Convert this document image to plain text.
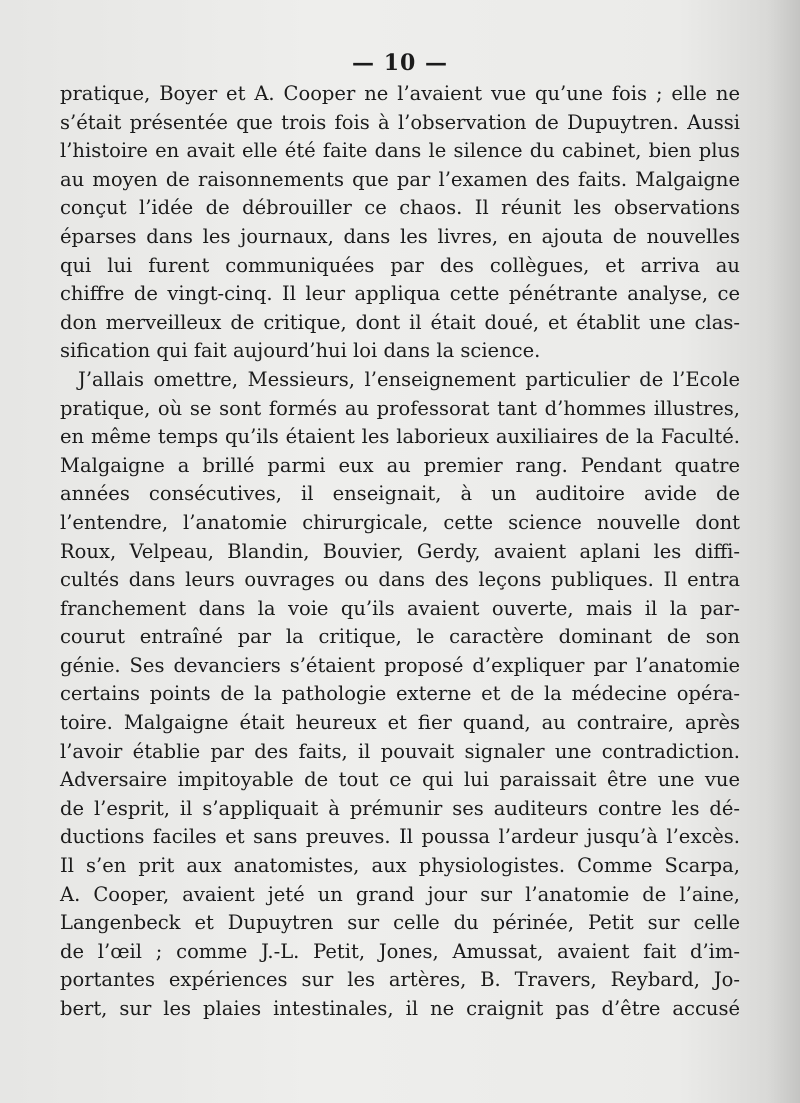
— 10 —
pratique, Boyer et A. Cooper ne l’avaient vue qu’une fois ; elle ne
s’était présentée que trois fois à l’observation de Dupuytren. Aussi
l’histoire en avait elle été faite dans le silence du cabinet, bien plus
au moyen de raisonnements que par l’examen des faits. Malgaigne
conçut l’idée de débrouiller ce chaos. Il réunit les observations
éparses dans les journaux, dans les livres, en ajouta de nouvelles
qui lui furent communiquées par des collègues, et arriva au
chiffre de vingt-cinq. Il leur appliqua cette pénétrante analyse, ce
don merveilleux de critique, dont il était doué, et établit une clas-
sification qui fait aujourd’hui loi dans la science.
J’allais omettre, Messieurs, l’enseignement particulier de l’Ecole
pratique, où se sont formés au professorat tant d’hommes illustres,
en même temps qu’ils étaient les laborieux auxiliaires de la Faculté.
Malgaigne a brillé parmi eux au premier rang. Pendant quatre
années consécutives, il enseignait, à un auditoire avide de
l’entendre, l’anatomie chirurgicale, cette science nouvelle dont
Roux, Velpeau, Blandin, Bouvier, Gerdy, avaient aplani les diffi-
cultés dans leurs ouvrages ou dans des leçons publiques. Il entra
franchement dans la voie qu’ils avaient ouverte, mais il la par-
courut entraîné par la critique, le caractère dominant de son
génie. Ses devanciers s’étaient proposé d’expliquer par l’anatomie
certains points de la pathologie externe et de la médecine opéra-
toire. Malgaigne était heureux et fier quand, au contraire, après
l’avoir établie par des faits, il pouvait signaler une contradiction.
Adversaire impitoyable de tout ce qui lui paraissait être une vue
de l’esprit, il s’appliquait à prémunir ses auditeurs contre les dé-
ductions faciles et sans preuves. Il poussa l’ardeur jusqu’à l’excès.
Il s’en prit aux anatomistes, aux physiologistes. Comme Scarpa,
A. Cooper, avaient jeté un grand jour sur l’anatomie de l’aine,
Langenbeck et Dupuytren sur celle du périnée, Petit sur celle
de l’œil ; comme J.-L. Petit, Jones, Amussat, avaient fait d’im-
portantes expériences sur les artères, B. Travers, Reybard, Jo-
bert, sur les plaies intestinales, il ne craignit pas d’être accusé
